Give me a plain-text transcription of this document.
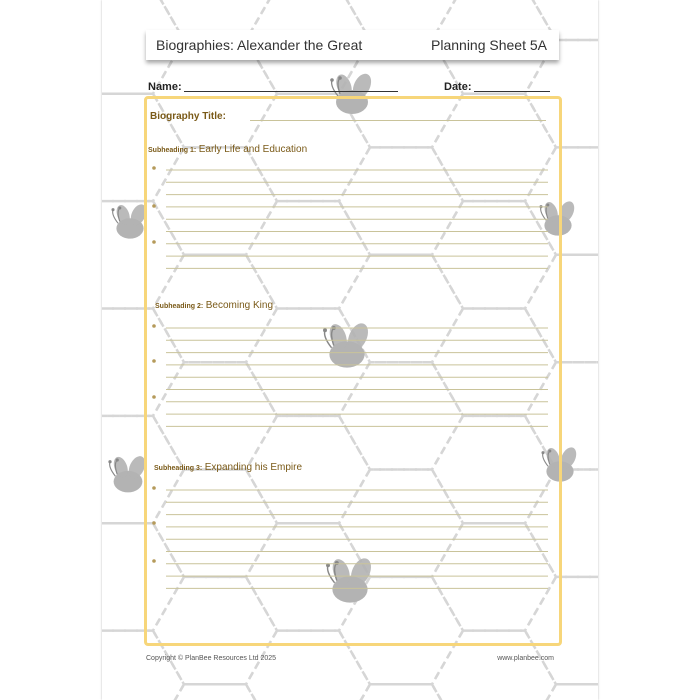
Biographies: Alexander the Great	Planning Sheet 5A
Name:	Date:
Biography Title:
Subheading 1: Early Life and Education
Subheading 2: Becoming King
Subheading 3: Expanding his Empire
Copyright © PlanBee Resources Ltd 2025	www.planbee.com
